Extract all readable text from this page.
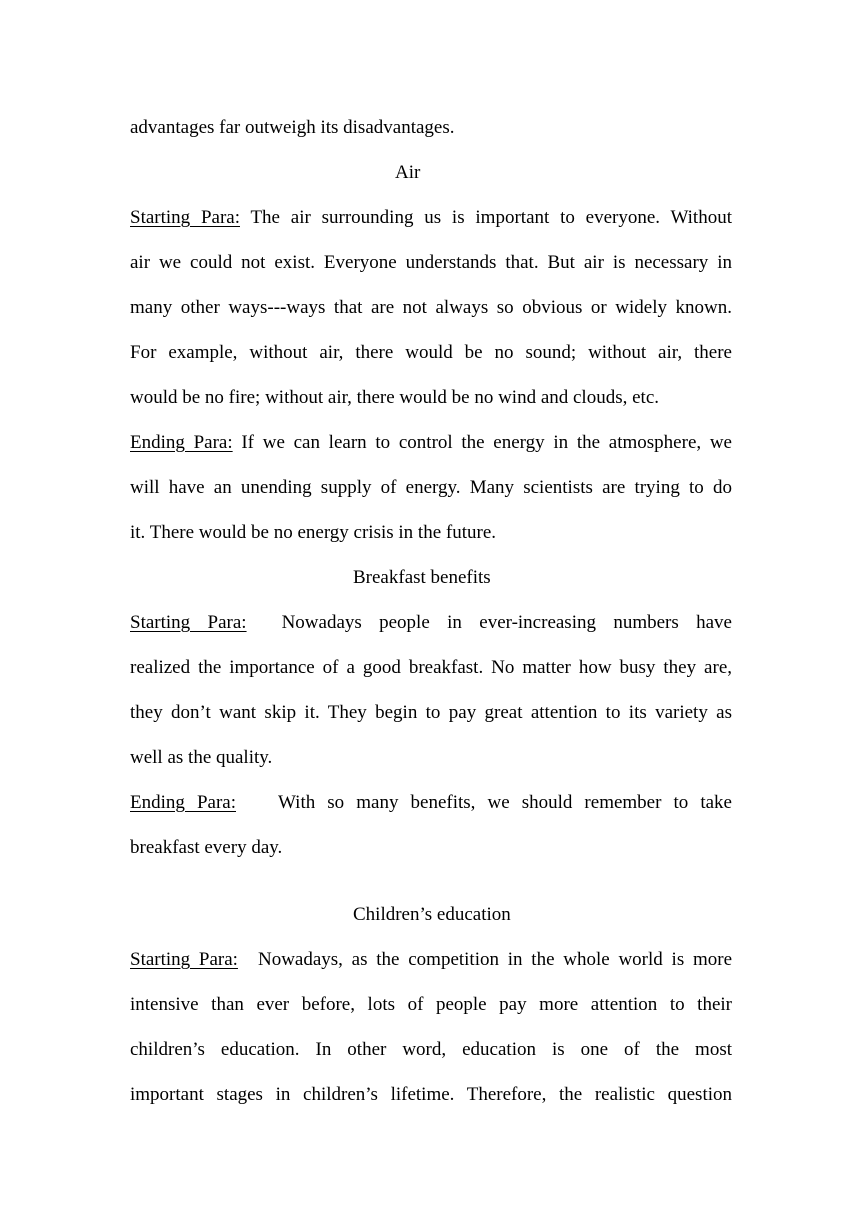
advantages far outweigh its disadvantages.
Air
Starting Para: The air surrounding us is important to everyone. Without
air we could not exist. Everyone understands that. But air is necessary in
many other ways---ways that are not always so obvious or widely known.
For example, without air, there would be no sound; without air, there
would be no fire; without air, there would be no wind and clouds, etc.
Ending Para: If we can learn to control the energy in the atmosphere, we
will have an unending supply of energy. Many scientists are trying to do
it. There would be no energy crisis in the future.
Breakfast benefits
Starting Para: Nowadays people in ever-increasing numbers have
realized the importance of a good breakfast. No matter how busy they are,
they don’t want skip it. They begin to pay great attention to its variety as
well as the quality.
Ending Para: With so many benefits, we should remember to take
breakfast every day.
Children’s education
Starting Para: Nowadays, as the competition in the whole world is more
intensive than ever before, lots of people pay more attention to their
children’s education. In other word, education is one of the most
important stages in children’s lifetime. Therefore, the realistic question
